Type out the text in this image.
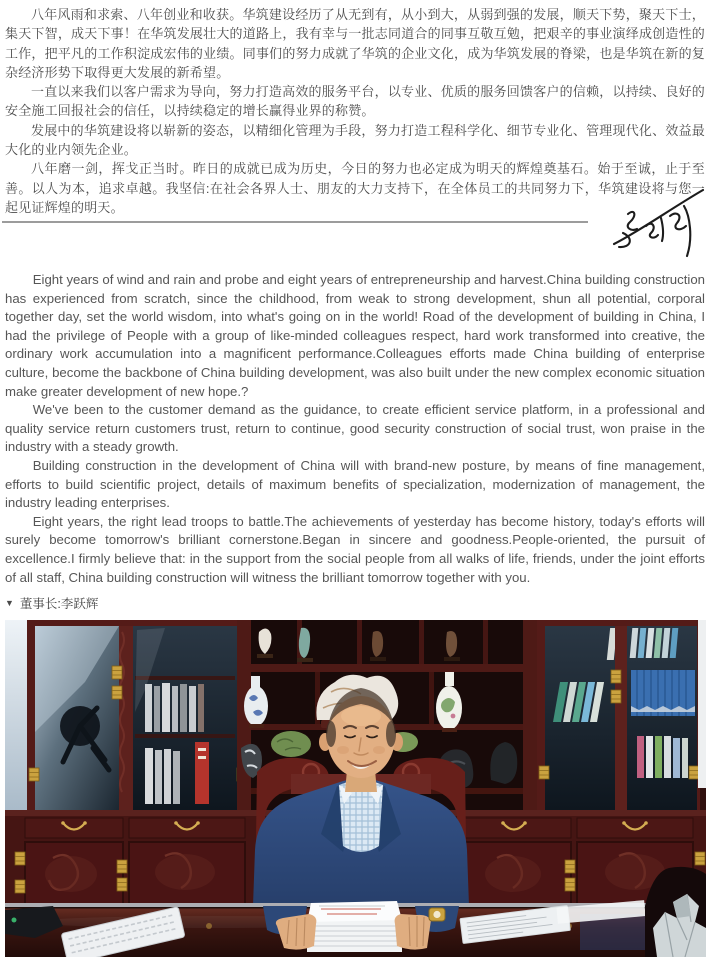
八年风雨和求索、八年创业和收获。华筑建设经历了从无到有，从小到大，从弱到强的发展，顺天下势，聚天下士，集天下智，成天下事！在华筑发展壮大的道路上，我有幸与一批志同道合的同事互敬互勉，把艰辛的事业演绎成创造性的工作，把平凡的工作积淀成宏伟的业绩。同事们的努力成就了华筑的企业文化，成为华筑发展的脊梁，也是华筑在新的复杂经济形势下取得更大发展的新希望。

一直以来我们以客户需求为导向，努力打造高效的服务平台，以专业、优质的服务回馈客户的信赖，以持续、良好的安全施工回报社会的信任，以持续稳定的增长赢得业界的称赞。

发展中的华筑建设将以崭新的姿态，以精细化管理为手段，努力打造工程科学化、细节专业化、管理现代化、效益最大化的业内领先企业。

八年磨一剑，挥戈正当时。昨日的成就已成为历史，今日的努力也必定成为明天的辉煌奠基石。始于至诚，止于至善。以人为本，追求卓越。我坚信:在社会各界人士、朋友的大力支持下，在全体员工的共同努力下，华筑建设将与您一起见证辉煌的明天。

Eight years of wind and rain and probe and eight years of entrepreneurship and harvest.China building construction has experienced from scratch, since the childhood, from weak to strong development, shun all potential, corporal together day, set the world wisdom, into what's going on in the world! Road of the development of building in China, I had the privilege of People with a group of like-minded colleagues respect, hard work transformed into creative, the ordinary work accumulation into a magnificent performance.Colleagues efforts made China building of enterprise culture, become the backbone of China building development, was also built under the new complex economic situation make greater development of new hope.?

We've been to the customer demand as the guidance, to create efficient service platform, in a professional and quality service return customers trust, return to continue, good security construction of social trust, won praise in the industry with a steady growth.

Building construction in the development of China will with brand-new posture, by means of fine management, efforts to build scientific project, details of maximum benefits of specialization, modernization of management, the industry leading enterprises.

Eight years, the right lead troops to battle.The achievements of yesterday has become history, today's efforts will surely become tomorrow's brilliant cornerstone.Began in sincere and goodness.People-oriented, the pursuit of excellence.I firmly believe that: in the support from the social people from all walks of life, friends, under the joint efforts of all staff, China building construction will witness the brilliant tomorrow together with you.

▼ 董事长:李跃辉
